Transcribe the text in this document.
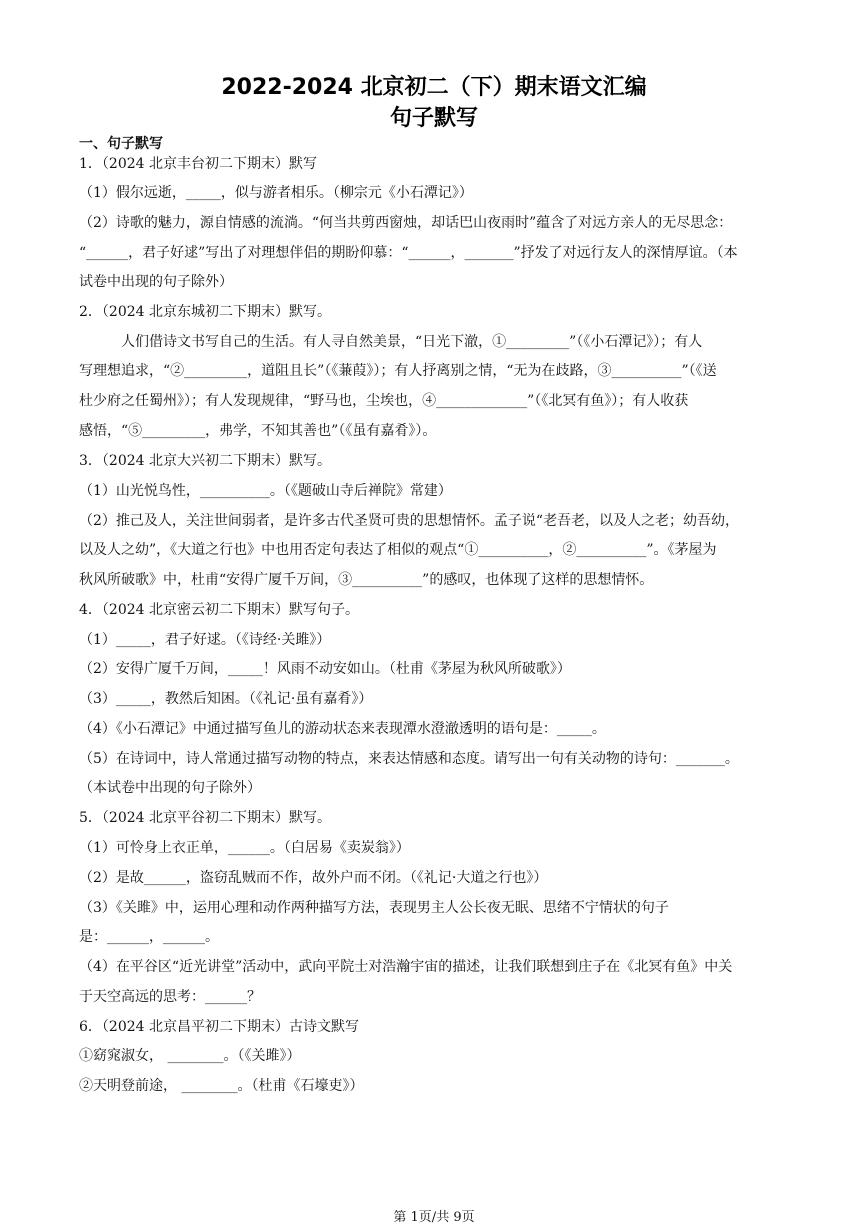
2022-2024 北京初二（下）期末语文汇编
句子默写
一、句子默写
1．（2024 北京丰台初二下期末）默写
（1）假尔远逝，_____，似与游者相乐。（柳宗元《小石潭记》）
（2）诗歌的魅力，源自情感的流淌。“何当共剪西窗烛，却话巴山夜雨时”蕴含了对远方亲人的无尽思念：
“______，君子好逑”写出了对理想伴侣的期盼仰慕：“______，_______”抒发了对远行友人的深情厚谊。（本
试卷中出现的句子除外）
2．（2024 北京东城初二下期末）默写。
人们借诗文书写自己的生活。有人寻自然美景，“日光下澈，①_________”（《小石潭记》）；有人
写理想追求，“②_________，道阻且长”（《蒹葭》）；有人抒离别之情，“无为在歧路，③__________”（《送
杜少府之任蜀州》）；有人发现规律，“野马也，尘埃也，④_____________”（《北冥有鱼》）；有人收获
感悟，“⑤_________，弗学，不知其善也”（《虽有嘉肴》）。
3．（2024 北京大兴初二下期末）默写。
（1）山光悦鸟性，__________。（《题破山寺后禅院》常建）
（2）推己及人，关注世间弱者，是许多古代圣贤可贵的思想情怀。孟子说“老吾老，以及人之老；幼吾幼，
以及人之幼”，《大道之行也》中也用否定句表达了相似的观点“①__________，②__________”。《茅屋为
秋风所破歌》中，杜甫“安得广厦千万间，③__________”的感叹，也体现了这样的思想情怀。
4．（2024 北京密云初二下期末）默写句子。
（1）_____，君子好逑。（《诗经·关雎》）
（2）安得广厦千万间，_____！风雨不动安如山。（杜甫《茅屋为秋风所破歌》）
（3）_____，教然后知困。（《礼记·虽有嘉肴》）
（4）《小石潭记》中通过描写鱼儿的游动状态来表现潭水澄澈透明的语句是：_____。
（5）在诗词中，诗人常通过描写动物的特点，来表达情感和态度。请写出一句有关动物的诗句：_______。
（本试卷中出现的句子除外）
5．（2024 北京平谷初二下期末）默写。
（1）可怜身上衣正单，______。（白居易《卖炭翁》）
（2）是故______，盗窃乱贼而不作，故外户而不闭。（《礼记·大道之行也》）
（3）《关雎》中，运用心理和动作两种描写方法，表现男主人公长夜无眠、思绪不宁情状的句子
是：______，______。
（4）在平谷区“近光讲堂”活动中，武向平院士对浩瀚宇宙的描述，让我们联想到庄子在《北冥有鱼》中关
于天空高远的思考：______？
6．（2024 北京昌平初二下期末）古诗文默写
①窈窕淑女， ________。（《关雎》）
②天明登前途， ________。（杜甫《石壕吏》）
第 1页/共 9页
